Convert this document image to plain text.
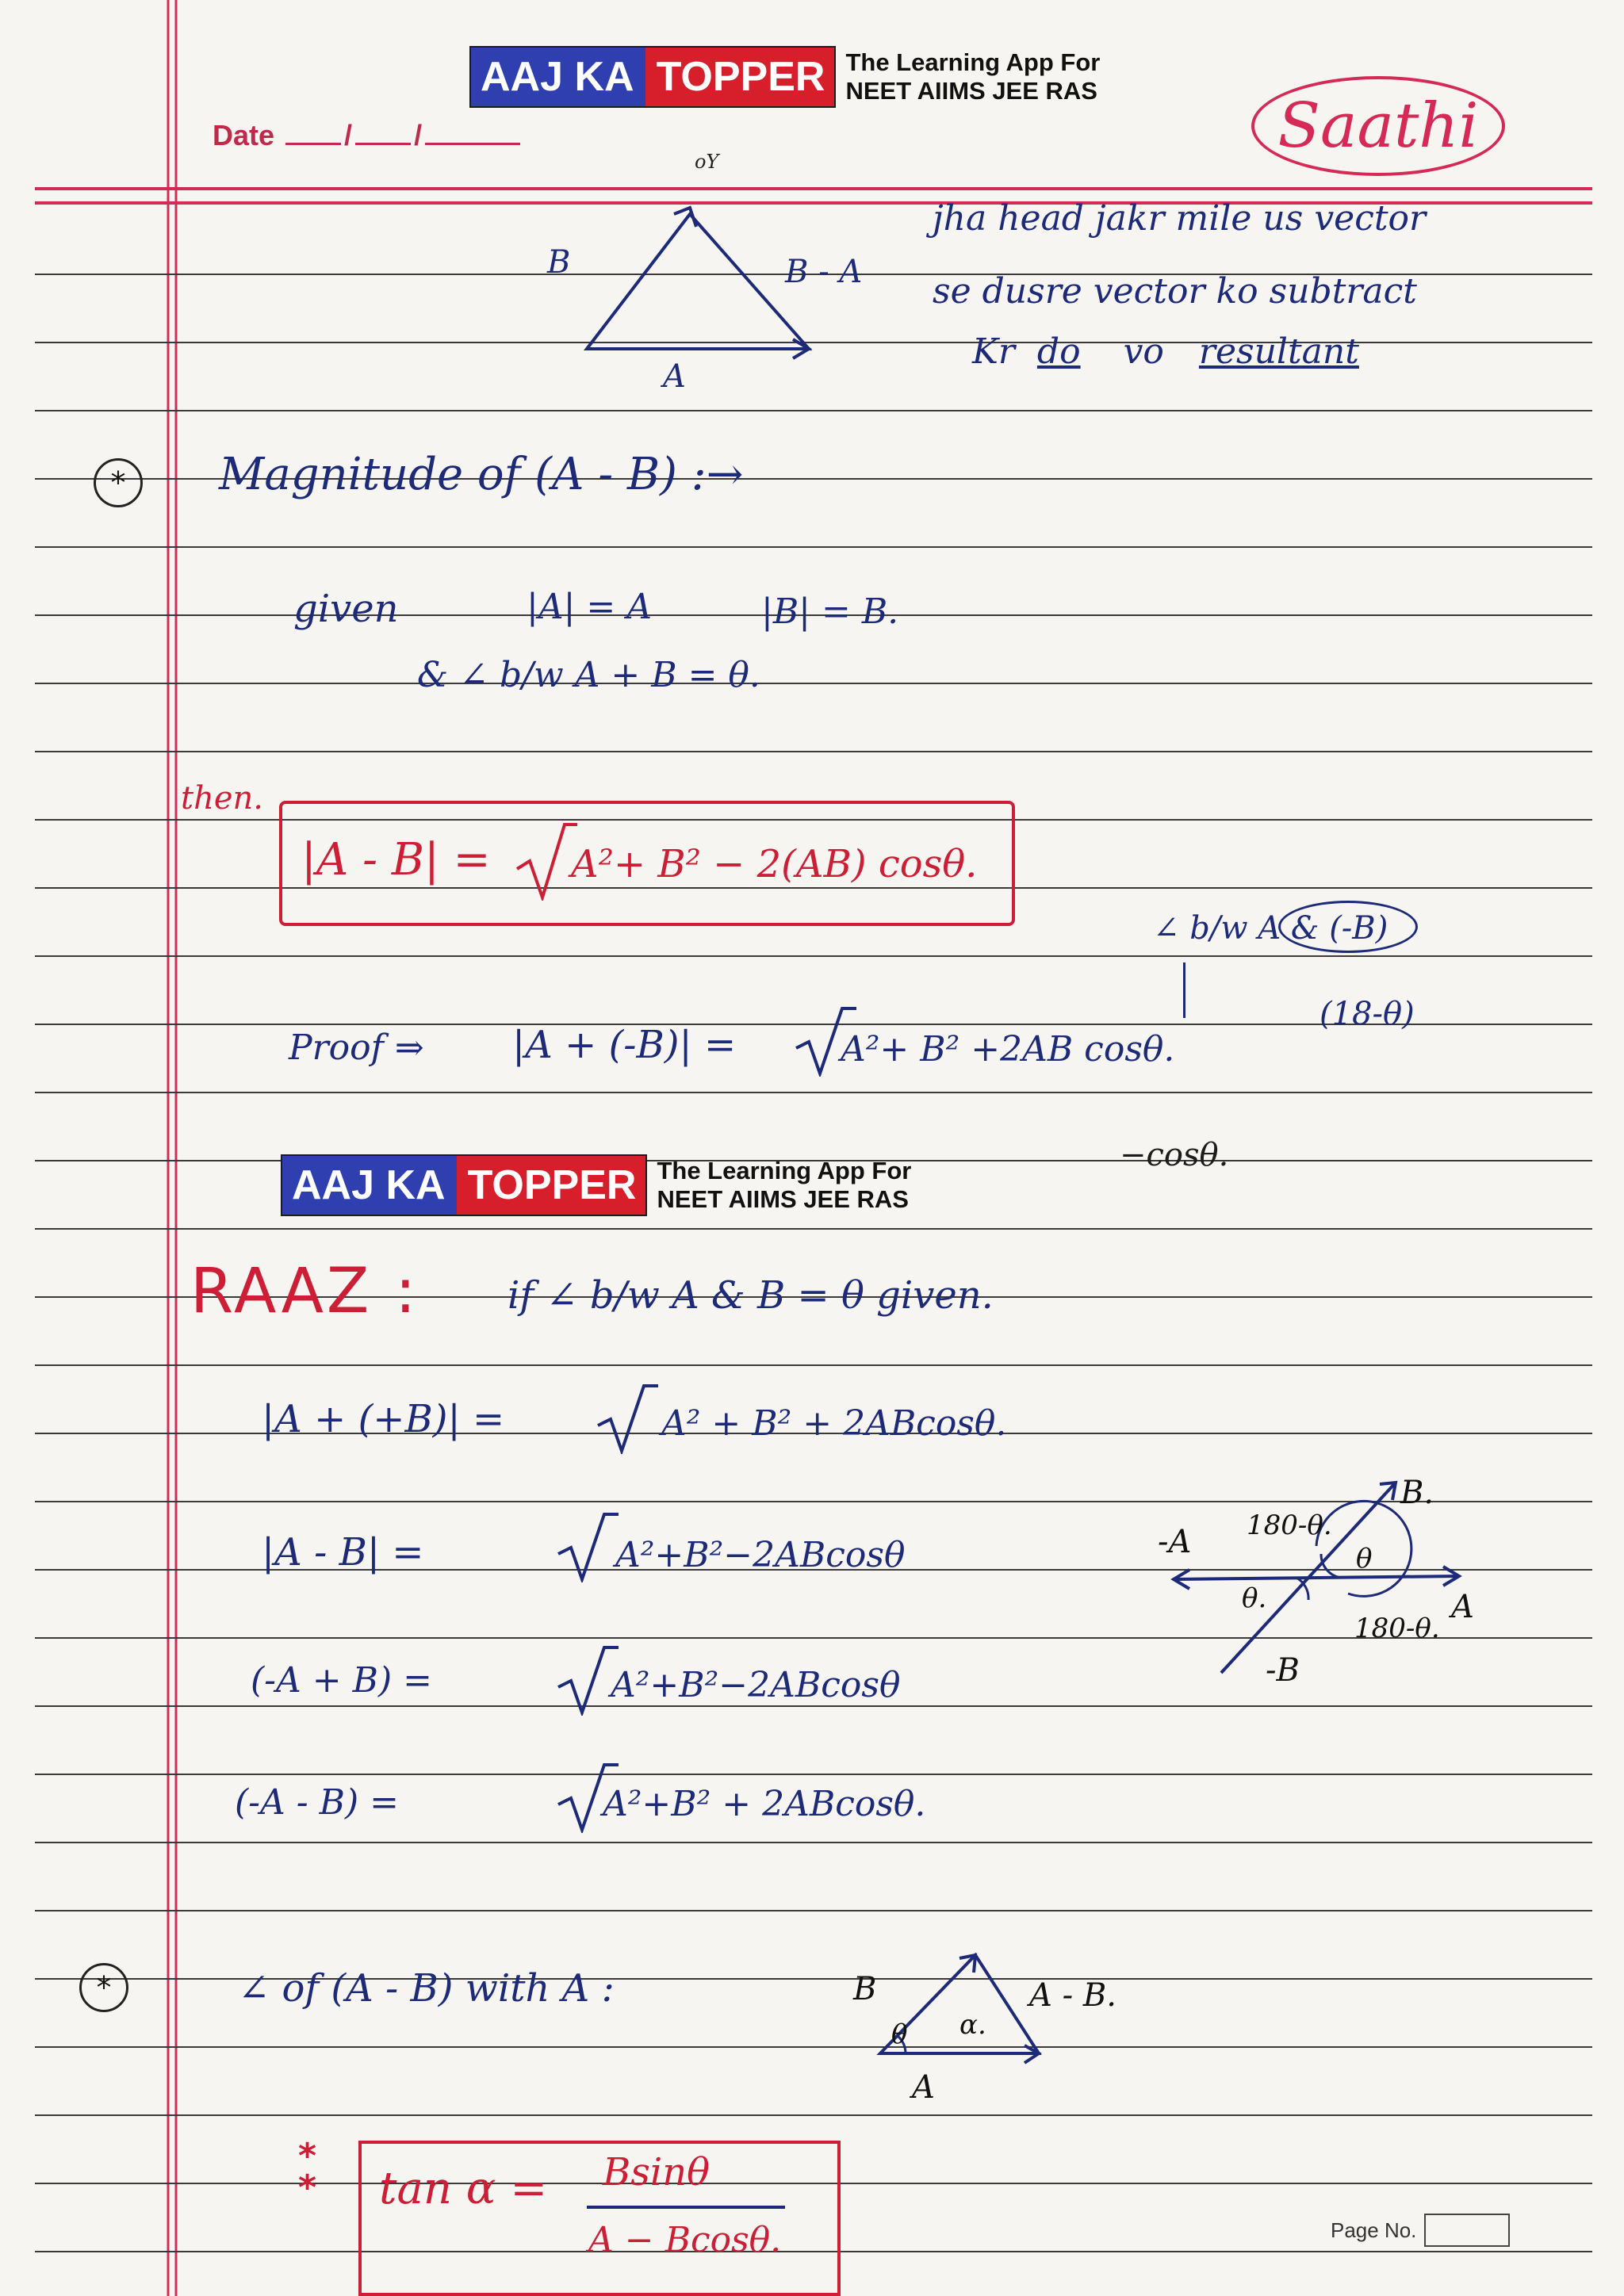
AAJ KA TOPPER The Learning App For
NEET AIIMS JEE RAS
Date / /	Saathi
B	B - A
A
oY
jha head jakr mile us vector
se dusre vector ko subtract
Kr do vo resultant
*	Magnitude of (A - B) :→
given	|A| = A	|B| = B.
& ∠ b/w A + B = θ.
then.
|A - B| = A²+ B² − 2(AB) cosθ.
∠ b/w A & (-B)
(18-θ)
Proof ⇒ |A + (-B)| =	A²+ B² +2AB cosθ.
−cosθ.
AAJ KA TOPPER The Learning App For
NEET AIIMS JEE RAS
RAAZ : if ∠ b/w A & B = θ given.
|A + (+B)| =	A² + B² + 2ABcosθ.
|A - B| =	A²+B²−2ABcosθ
(-A + B) =	A²+B²−2ABcosθ
(-A - B) =	A²+B² + 2ABcosθ.
B.
-A
A
-B
θ
θ.
180-θ.
180-θ.
*	∠ of (A - B) with A :	B	A - B.
A
θ α.
* * tan α = Bsinθ
A − Bcosθ.	Page No.
